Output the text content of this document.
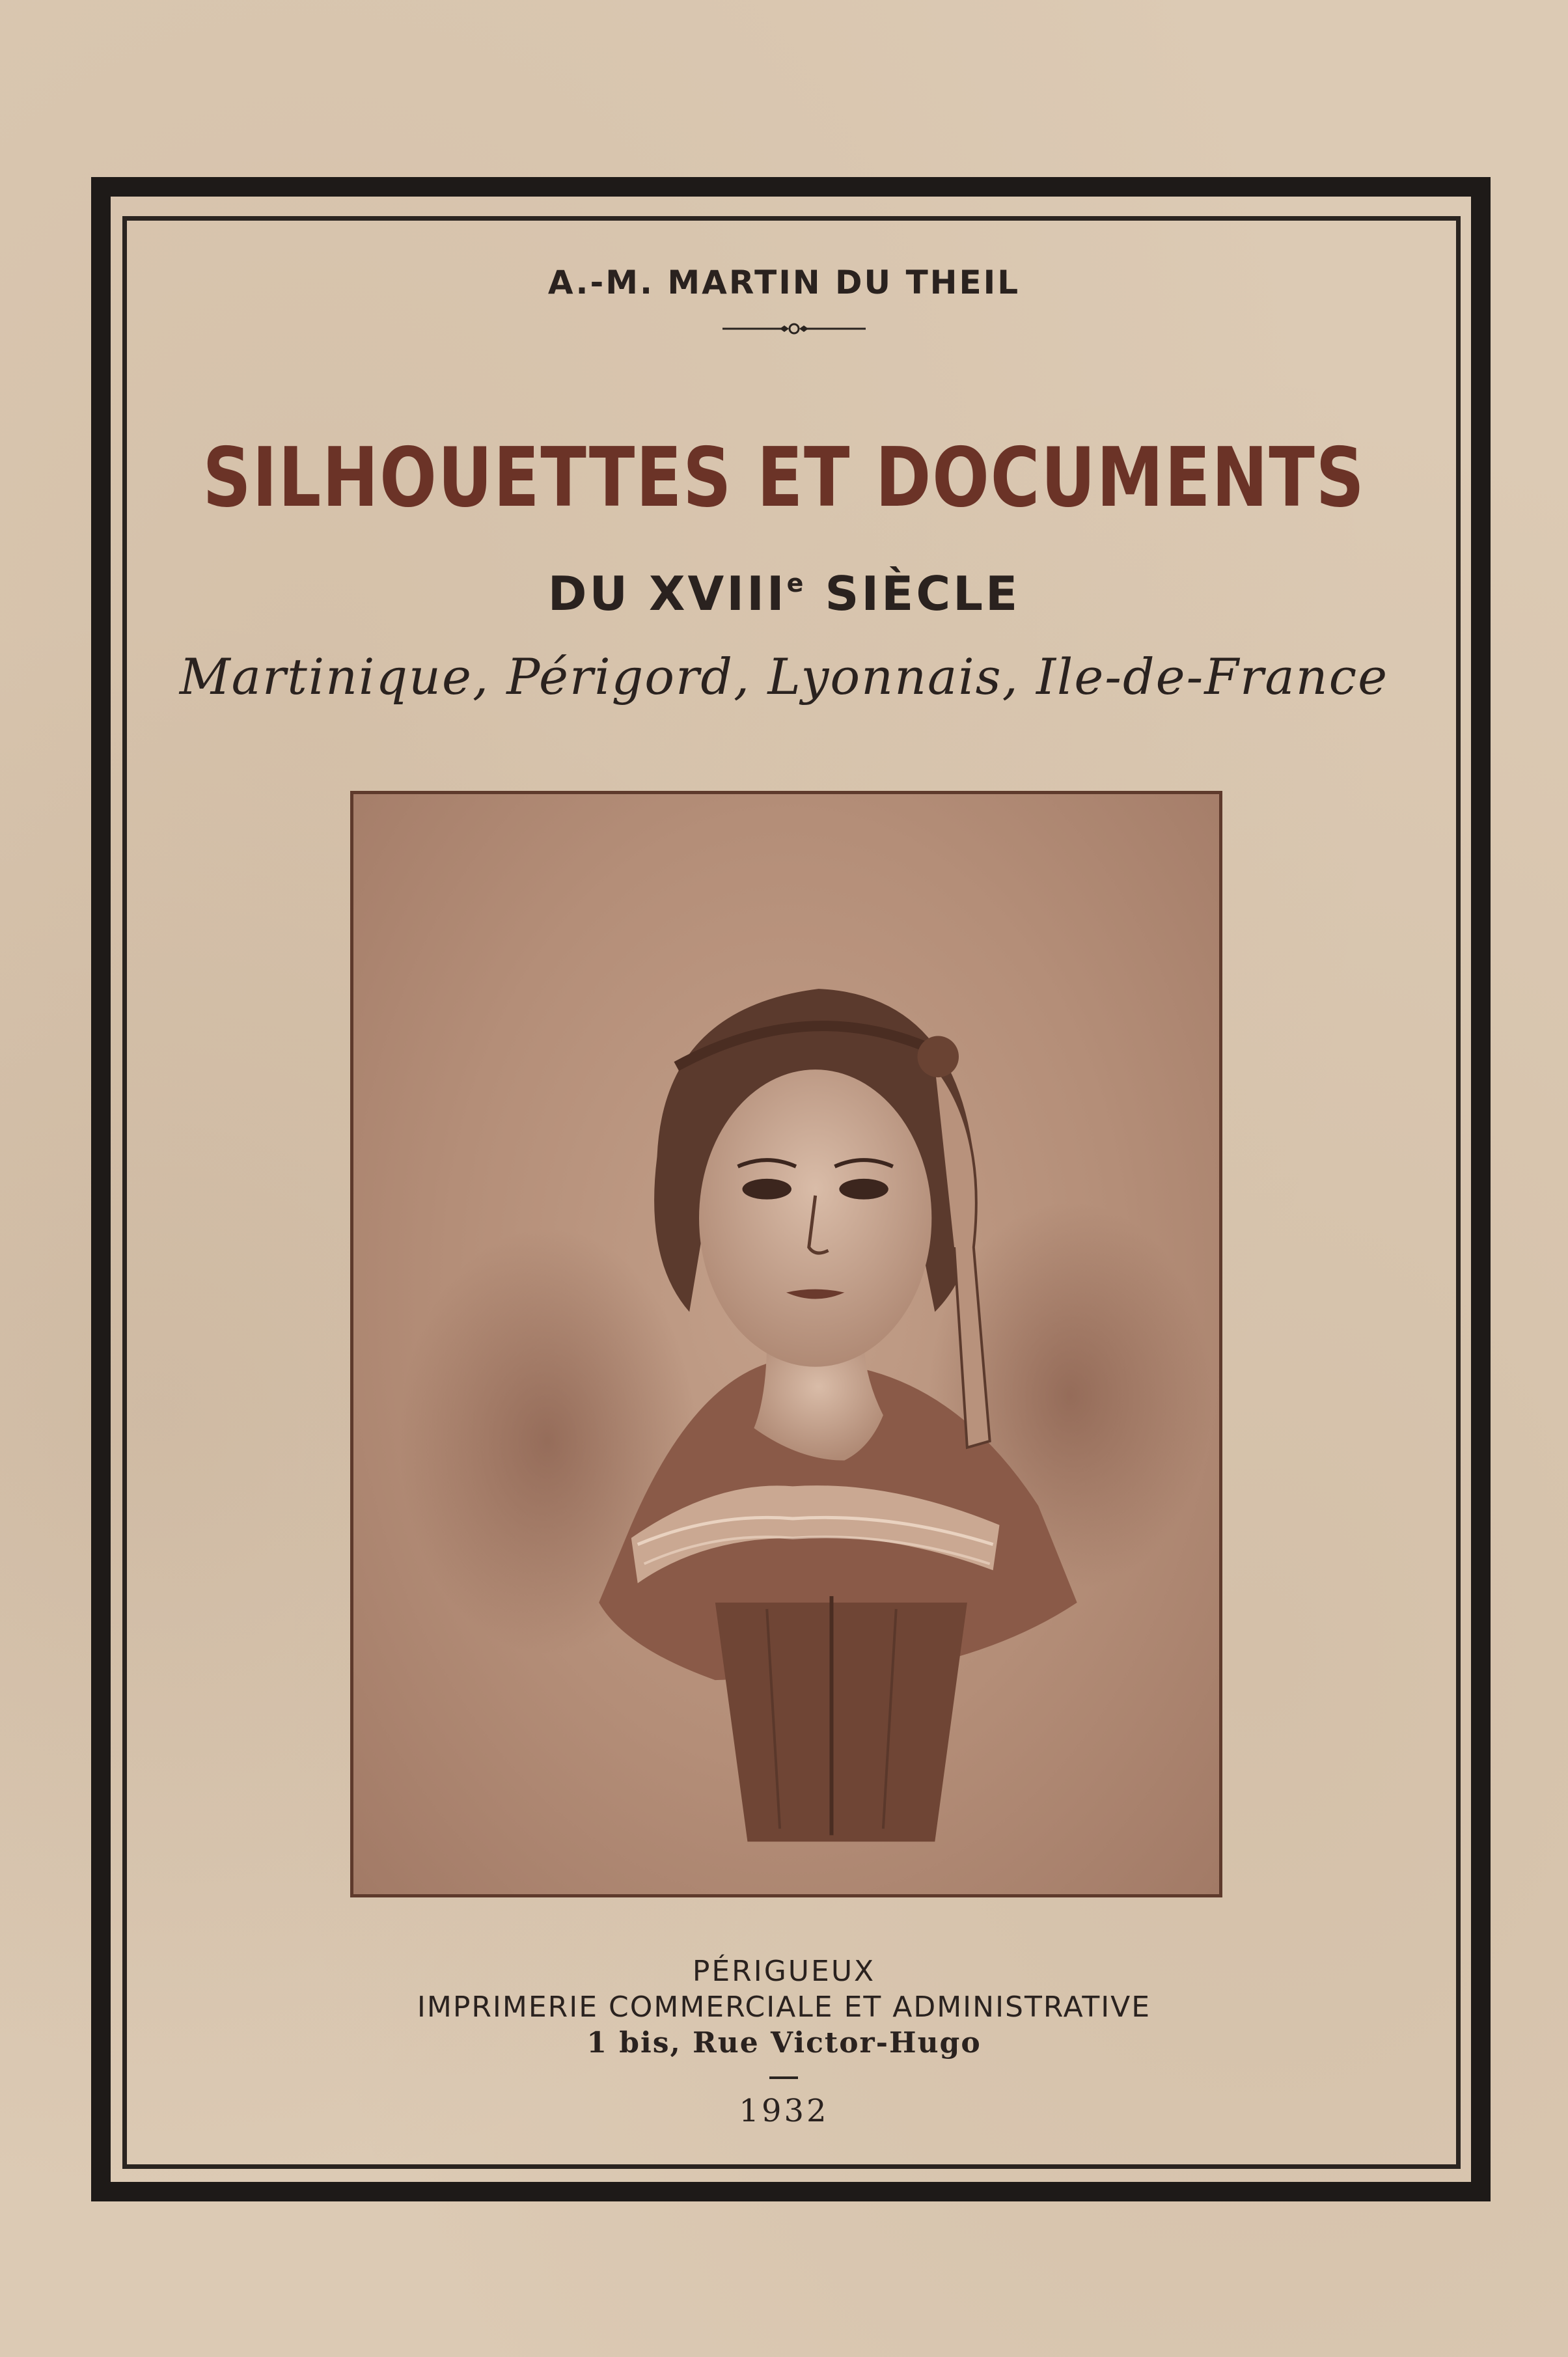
A.-M. MARTIN DU THEIL
SILHOUETTES ET DOCUMENTS
DU XVIIIe SIÈCLE
Martinique, Périgord, Lyonnais, Ile-de-France
PÉRIGUEUX
IMPRIMERIE COMMERCIALE ET ADMINISTRATIVE
1 bis, Rue Victor-Hugo
1932
